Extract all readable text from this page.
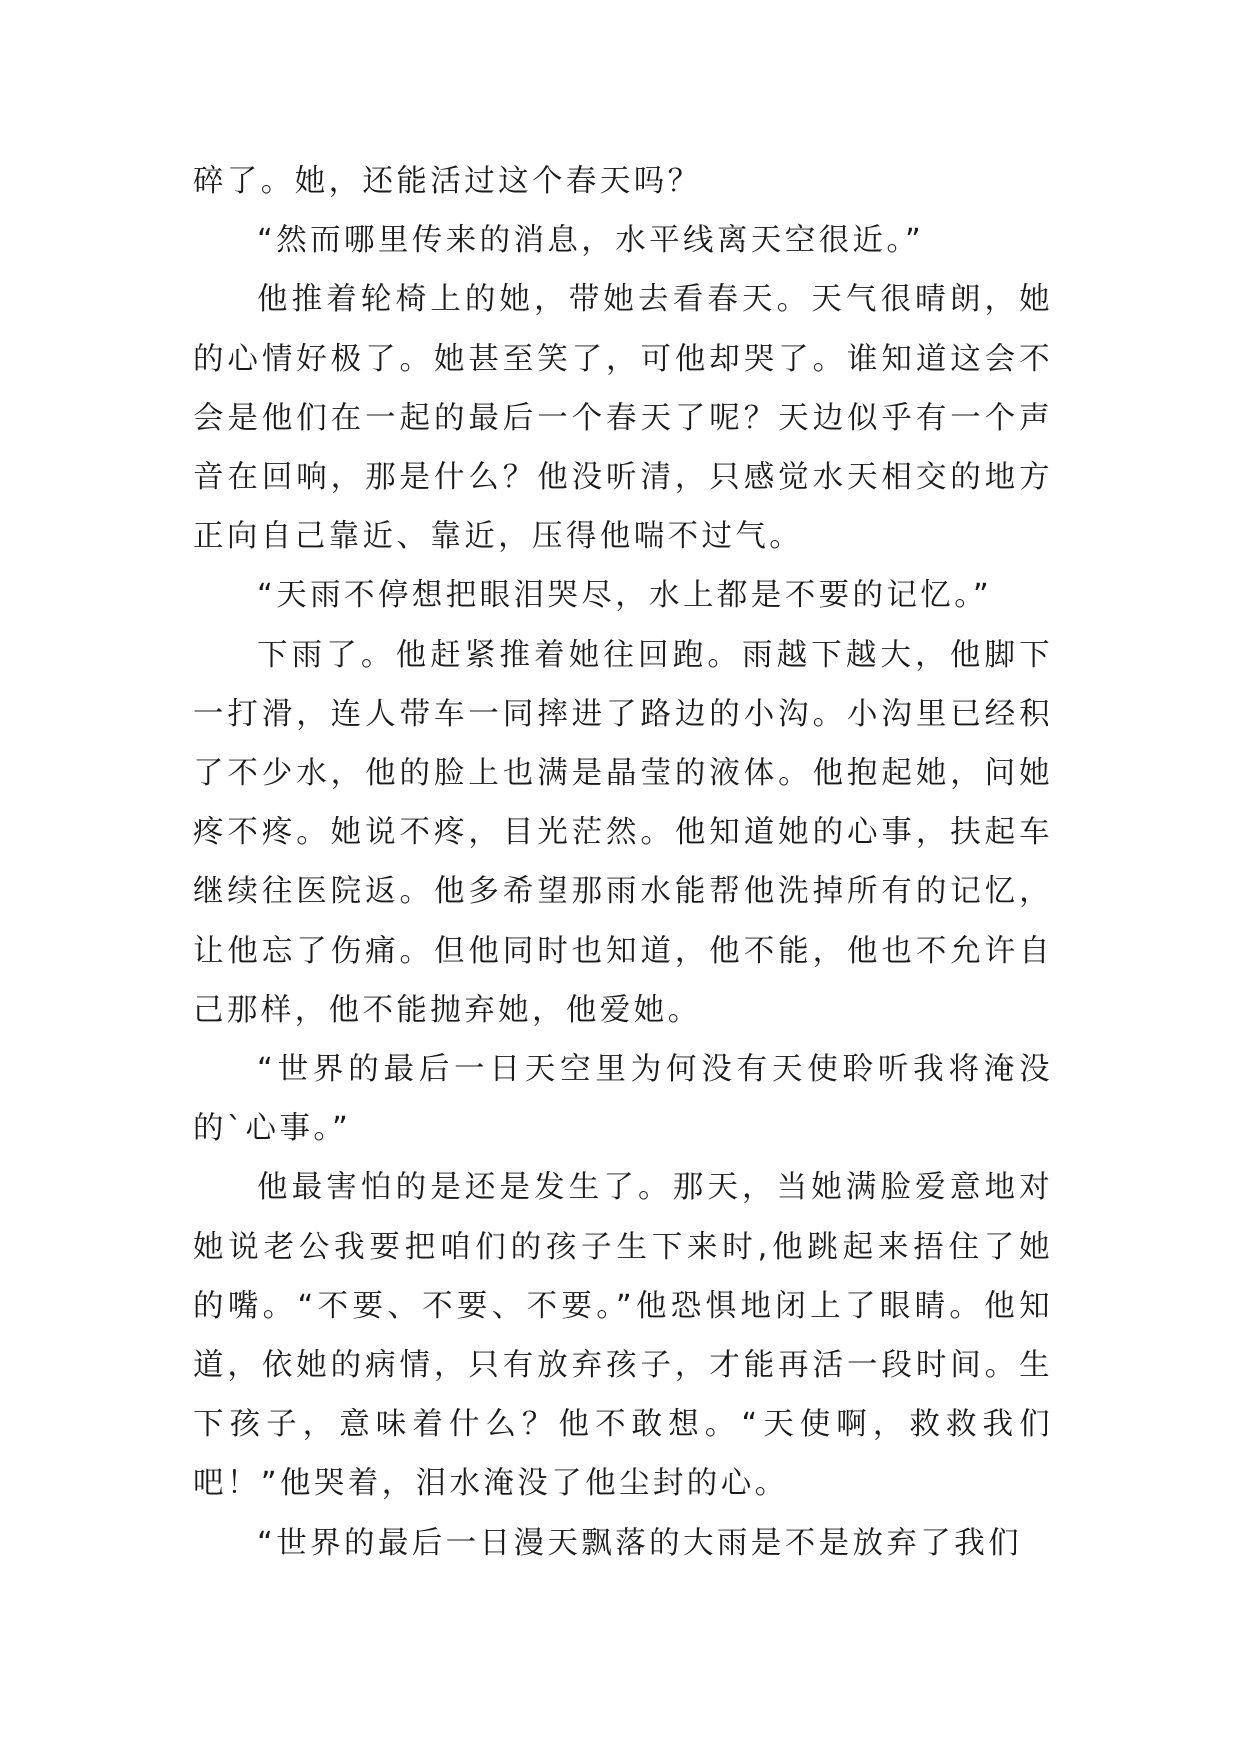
碎了。她，还能活过这个春天吗？

“然而哪里传来的消息，水平线离天空很近。”

他推着轮椅上的她，带她去看春天。天气很晴朗，她的心情好极了。她甚至笑了，可他却哭了。谁知道这会不会是他们在一起的最后一个春天了呢？天边似乎有一个声音在回响，那是什么？他没听清，只感觉水天相交的地方正向自己靠近、靠近，压得他喘不过气。

“天雨不停想把眼泪哭尽，水上都是不要的记忆。”

下雨了。他赶紧推着她往回跑。雨越下越大，他脚下一打滑，连人带车一同摔进了路边的小沟。小沟里已经积了不少水，他的脸上也满是晶莹的液体。他抱起她，问她疼不疼。她说不疼，目光茫然。他知道她的心事，扶起车继续往医院返。他多希望那雨水能帮他洗掉所有的记忆，让他忘了伤痛。但他同时也知道，他不能，他也不允许自己那样，他不能抛弃她，他爱她。

“世界的最后一日天空里为何没有天使聆听我将淹没的`心事。”

他最害怕的是还是发生了。那天，当她满脸爱意地对她说老公我要把咱们的孩子生下来时,他跳起来捂住了她的嘴。“不要、不要、不要。”他恐惧地闭上了眼睛。他知道，依她的病情，只有放弃孩子，才能再活一段时间。生下孩子，意味着什么？他不敢想。“天使啊，救救我们吧！”他哭着，泪水淹没了他尘封的心。

“世界的最后一日漫天飘落的大雨是不是放弃了我们
